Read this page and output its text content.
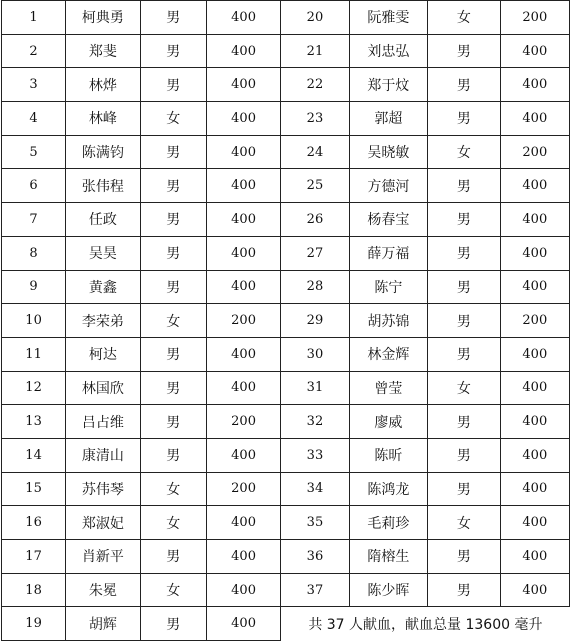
1	柯典勇	男	400	20	阮雅雯	女	200
2	郑斐	男	400	21	刘忠弘	男	400
3	林烨	男	400	22	郑于炆	男	400
4	林峰	女	400	23	郭超	男	400
5	陈满钧	男	400	24	吴晓敏	女	200
6	张伟程	男	400	25	方德河	男	400
7	任政	男	400	26	杨春宝	男	400
8	吴昊	男	400	27	薛万福	男	400
9	黄鑫	男	400	28	陈宁	男	400
10	李荣弟	女	200	29	胡苏锦	男	200
11	柯达	男	400	30	林金辉	男	400
12	林国欣	男	400	31	曾莹	女	400
13	吕占维	男	200	32	廖威	男	400
14	康清山	男	400	33	陈昕	男	400
15	苏伟琴	女	200	34	陈鸿龙	男	400
16	郑淑妃	女	400	35	毛莉珍	女	400
17	肖新平	男	400	36	隋榕生	男	400
18	朱冕	女	400	37	陈少晖	男	400
19	胡辉	男	400	共 37 人献血，献血总量 13600 毫升			
